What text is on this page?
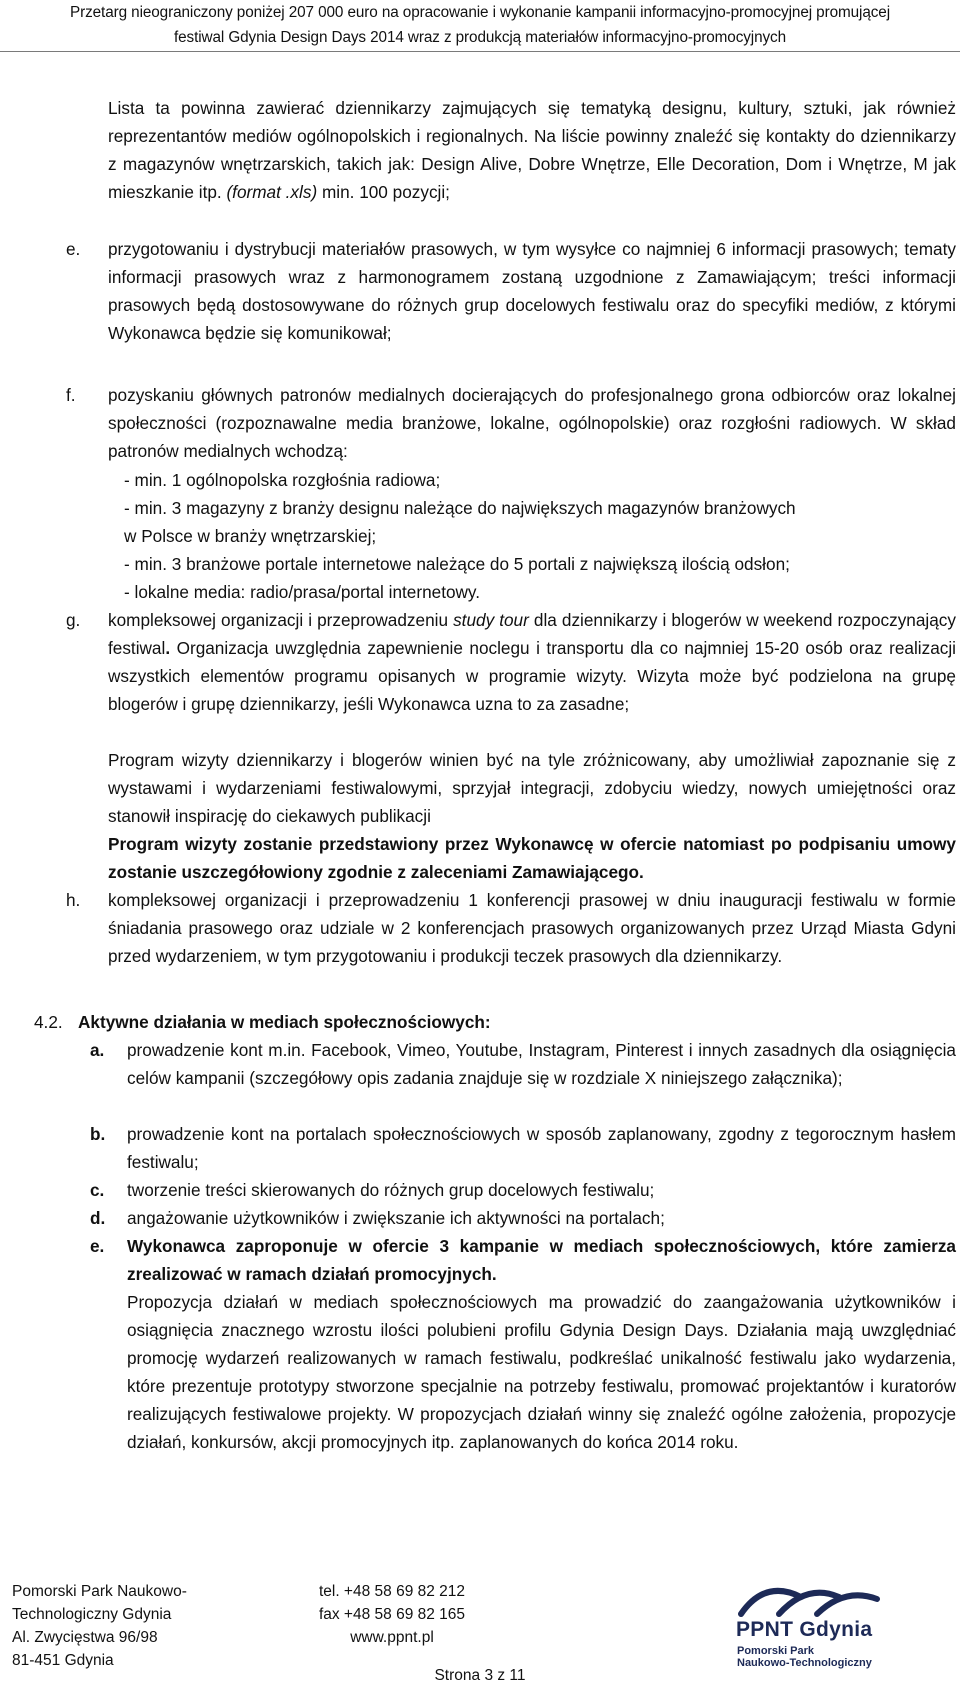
Przetarg nieograniczony poniżej 207 000 euro na opracowanie i wykonanie kampanii informacyjno-promocyjnej promującej
festiwal Gdynia Design Days 2014 wraz z produkcją materiałów informacyjno-promocyjnych
Lista ta powinna zawierać dziennikarzy zajmujących się tematyką designu, kultury, sztuki, jak również reprezentantów mediów ogólnopolskich i regionalnych. Na liście powinny znaleźć się kontakty do dziennikarzy z magazynów wnętrzarskich, takich jak: Design Alive, Dobre Wnętrze, Elle Decoration, Dom i Wnętrze, M jak mieszkanie itp. (format .xls) min. 100 pozycji;
e. przygotowaniu i dystrybucji materiałów prasowych, w tym wysyłce co najmniej 6 informacji prasowych; tematy informacji prasowych wraz z harmonogramem zostaną uzgodnione z Zamawiającym; treści informacji prasowych będą dostosowywane do różnych grup docelowych festiwalu oraz do specyfiki mediów, z którymi Wykonawca będzie się komunikował;
f. pozyskaniu głównych patronów medialnych docierających do profesjonalnego grona odbiorców oraz lokalnej społeczności (rozpoznawalne media branżowe, lokalne, ogólnopolskie) oraz rozgłośni radiowych. W skład patronów medialnych wchodzą:
- min. 1 ogólnopolska rozgłośnia radiowa;
- min. 3 magazyny z branży designu należące do największych magazynów branżowych
w Polsce w branży wnętrzarskiej;
- min. 3 branżowe portale internetowe należące do 5 portali z największą ilością odsłon;
- lokalne media: radio/prasa/portal internetowy.
g. kompleksowej organizacji i przeprowadzeniu study tour dla dziennikarzy i blogerów w weekend rozpoczynający festiwal. Organizacja uwzględnia zapewnienie noclegu i transportu dla co najmniej 15-20 osób oraz realizacji wszystkich elementów programu opisanych w programie wizyty. Wizyta może być podzielona na grupę blogerów i grupę dziennikarzy, jeśli Wykonawca uzna to za zasadne;
Program wizyty dziennikarzy i blogerów winien być na tyle zróżnicowany, aby umożliwiał zapoznanie się z wystawami i wydarzeniami festiwalowymi, sprzyjał integracji, zdobyciu wiedzy, nowych umiejętności oraz stanowił inspirację do ciekawych publikacji
Program wizyty zostanie przedstawiony przez Wykonawcę w ofercie natomiast po podpisaniu umowy zostanie uszczegółowiony zgodnie z zaleceniami Zamawiającego.
h. kompleksowej organizacji i przeprowadzeniu 1 konferencji prasowej w dniu inauguracji festiwalu w formie śniadania prasowego oraz udziale w 2 konferencjach prasowych organizowanych przez Urząd Miasta Gdyni przed wydarzeniem, w tym przygotowaniu i produkcji teczek prasowych dla dziennikarzy.
4.2. Aktywne działania w mediach społecznościowych:
a. prowadzenie kont m.in. Facebook, Vimeo, Youtube, Instagram, Pinterest i innych zasadnych dla osiągnięcia celów kampanii (szczegółowy opis zadania znajduje się w rozdziale X niniejszego załącznika);
b. prowadzenie kont na portalach społecznościowych w sposób zaplanowany, zgodny z tegorocznym hasłem festiwalu;
c. tworzenie treści skierowanych do różnych grup docelowych festiwalu;
d. angażowanie użytkowników i zwiększanie ich aktywności na portalach;
e. Wykonawca zaproponuje w ofercie 3 kampanie w mediach społecznościowych, które zamierza zrealizować w ramach działań promocyjnych.
Propozycja działań w mediach społecznościowych ma prowadzić do zaangażowania użytkowników i osiągnięcia znacznego wzrostu ilości polubieni profilu Gdynia Design Days. Działania mają uwzględniać promocję wydarzeń realizowanych w ramach festiwalu, podkreślać unikalność festiwalu jako wydarzenia, które prezentuje prototypy stworzone specjalnie na potrzeby festiwalu, promować projektantów i kuratorów realizujących festiwalowe projekty. W propozycjach działań winny się znaleźć ogólne założenia, propozycje działań, konkursów, akcji promocyjnych itp. zaplanowanych do końca 2014 roku.
Pomorski Park Naukowo-
Technologiczny Gdynia
Al. Zwycięstwa 96/98
81-451 Gdynia
tel. +48 58 69 82 212
fax +48 58 69 82 165
www.ppnt.pl
Strona 3 z 11
PPNT Gdynia
Pomorski Park
Naukowo-Technologiczny
